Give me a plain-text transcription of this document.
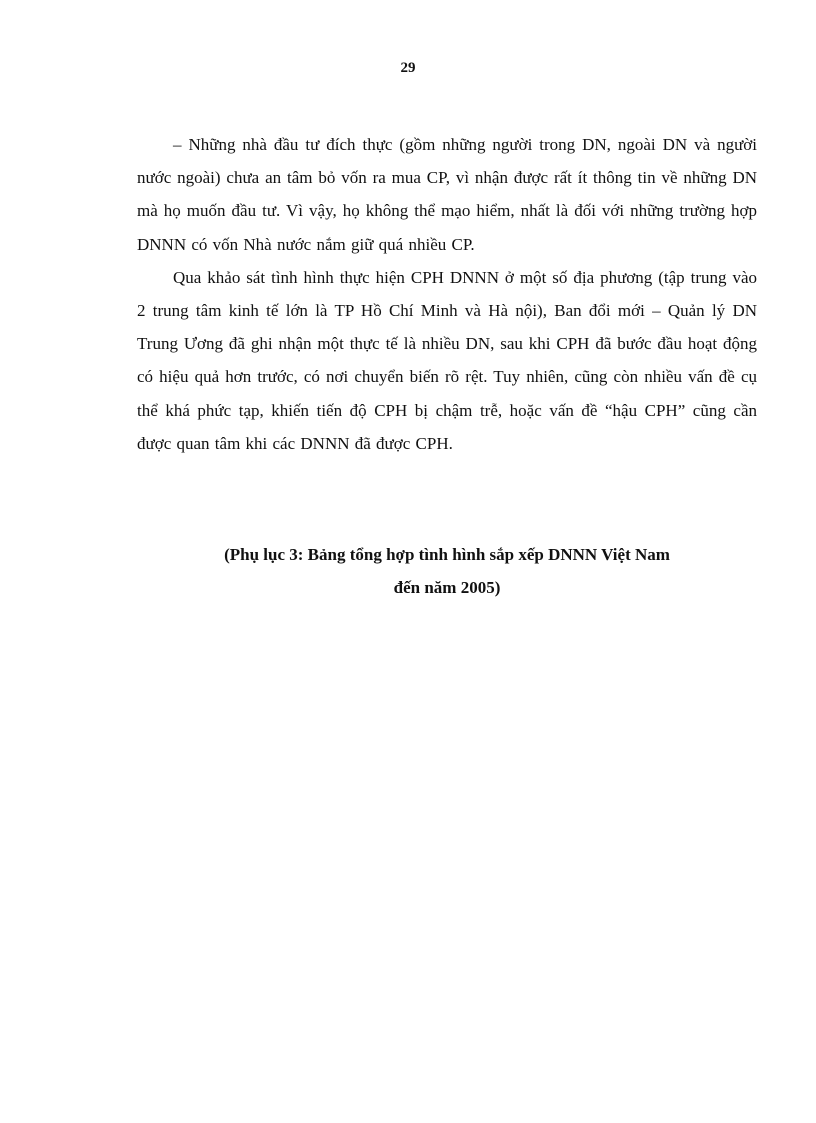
29

– Những nhà đầu tư đích thực (gồm những người trong DN, ngoài DN và người nước ngoài) chưa an tâm bỏ vốn ra mua CP, vì nhận được rất ít thông tin về những DN mà họ muốn đầu tư. Vì vậy, họ không thể mạo hiểm, nhất là đối với những trường hợp DNNN có vốn Nhà nước nắm giữ quá nhiều CP.

Qua khảo sát tình hình thực hiện CPH DNNN ở một số địa phương (tập trung vào 2 trung tâm kinh tế lớn là TP Hồ Chí Minh và Hà nội), Ban đổi mới – Quản lý DN Trung Ương đã ghi nhận một thực tế là nhiều DN, sau khi CPH đã bước đầu hoạt động có hiệu quả hơn trước, có nơi chuyển biến rõ rệt. Tuy nhiên, cũng còn nhiều vấn đề cụ thể khá phức tạp, khiến tiến độ CPH bị chậm trễ, hoặc vấn đề “hậu CPH” cũng cần được quan tâm khi các DNNN đã được CPH.

(Phụ lục 3: Bảng tổng hợp tình hình sắp xếp DNNN Việt Nam
đến năm 2005)
